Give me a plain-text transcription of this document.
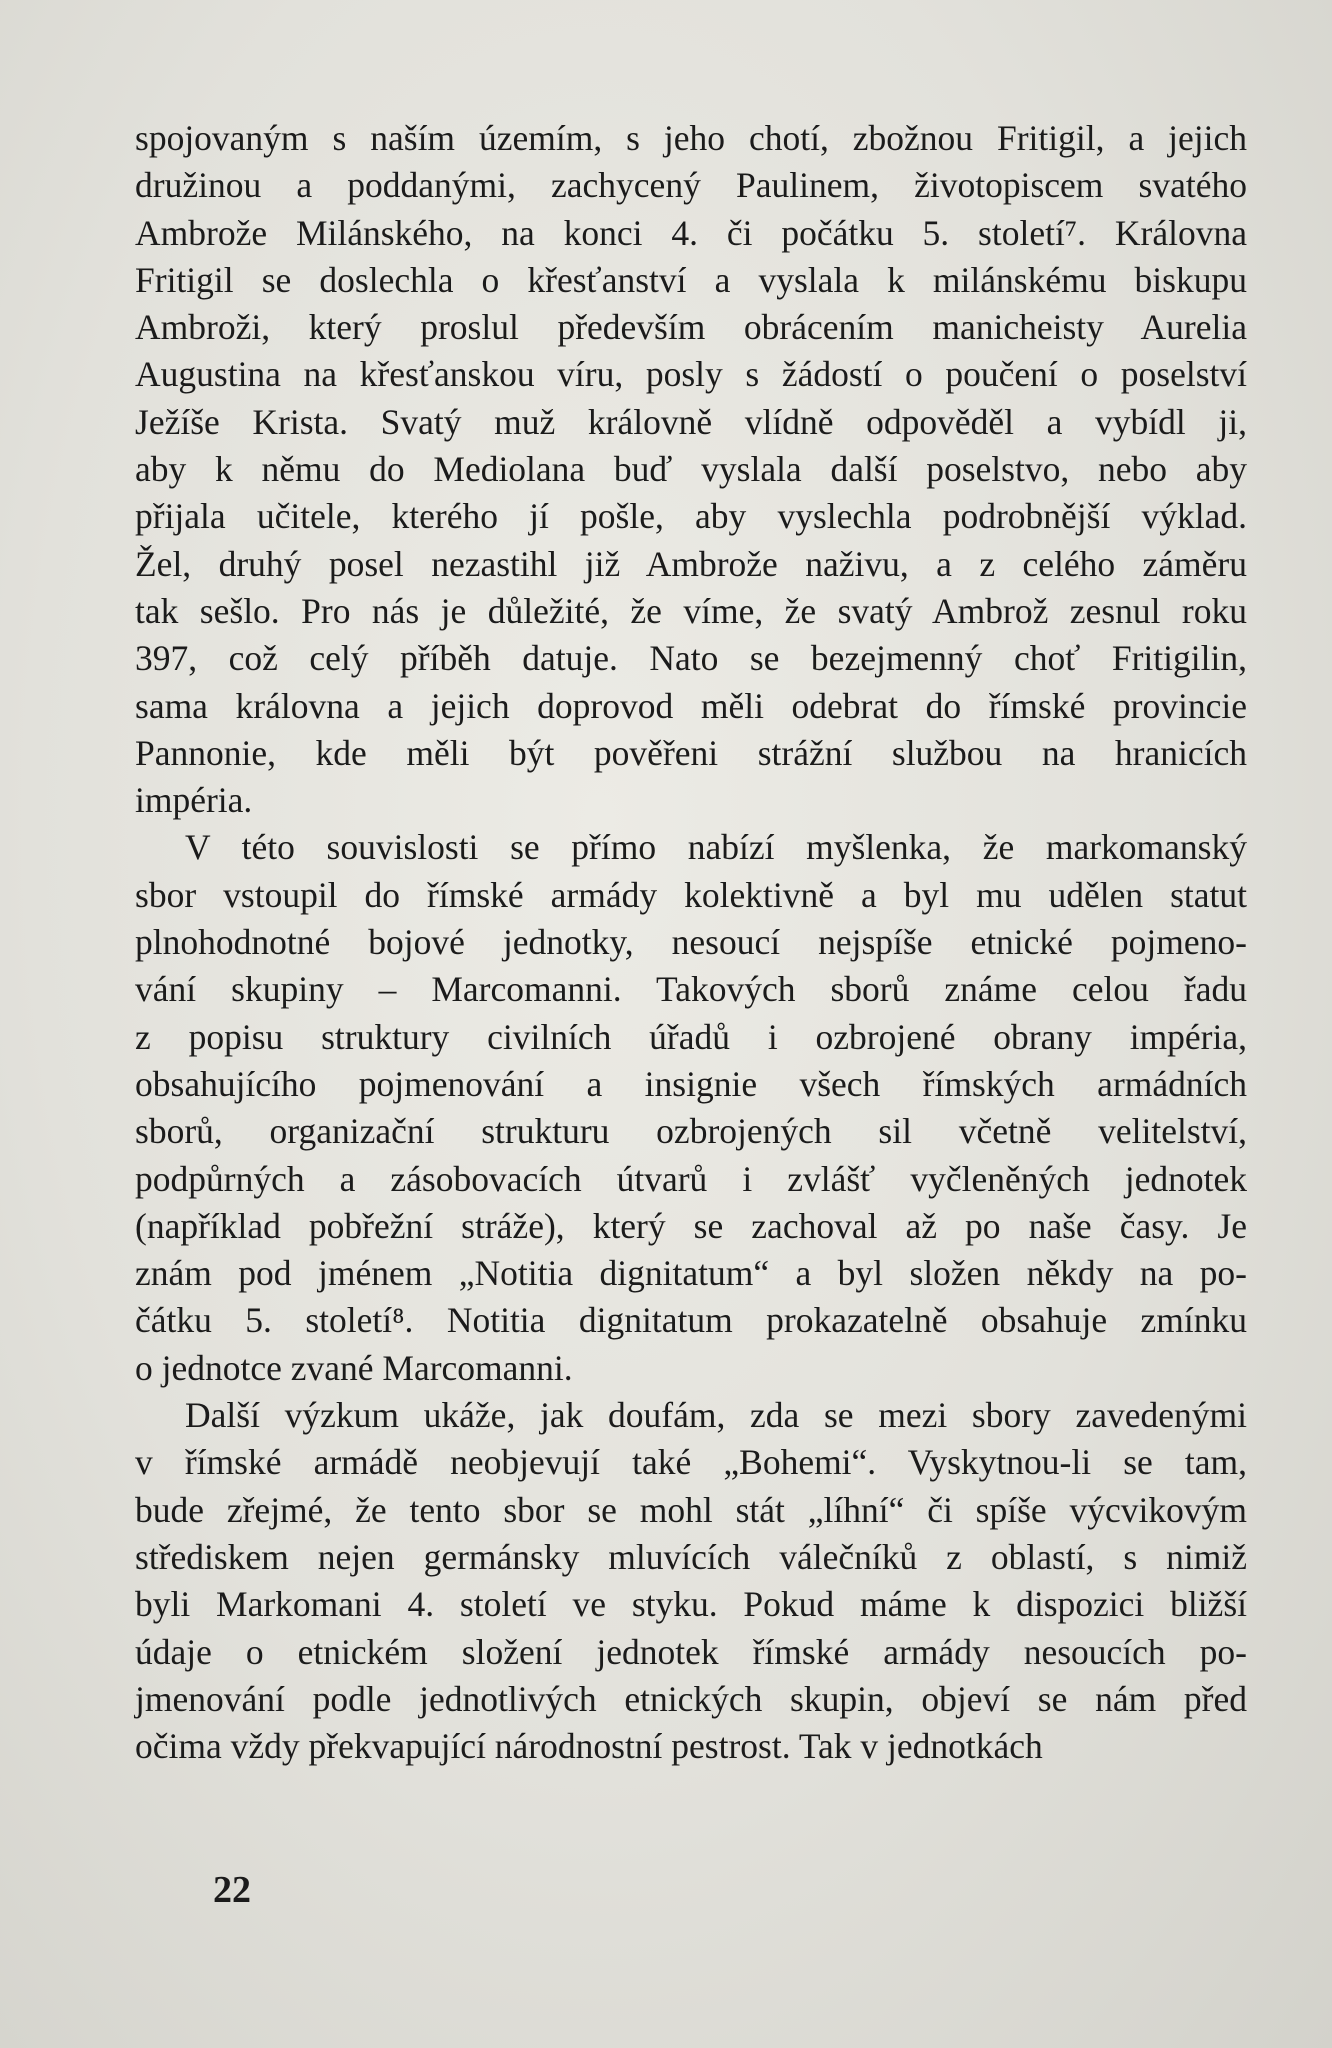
spojovaným s naším územím, s jeho chotí, zbožnou Fritigil, a jejich
družinou a poddanými, zachycený Paulinem, životopiscem svatého
Ambrože Milánského, na konci 4. či počátku 5. století⁷. Královna
Fritigil se doslechla o křesťanství a vyslala k milánskému biskupu
Ambroži, který proslul především obrácením manicheisty Aurelia
Augustina na křesťanskou víru, posly s žádostí o poučení o poselství
Ježíše Krista. Svatý muž královně vlídně odpověděl a vybídl ji,
aby k němu do Mediolana buď vyslala další poselstvo, nebo aby
přijala učitele, kterého jí pošle, aby vyslechla podrobnější výklad.
Žel, druhý posel nezastihl již Ambrože naživu, a z celého záměru
tak sešlo. Pro nás je důležité, že víme, že svatý Ambrož zesnul roku
397, což celý příběh datuje. Nato se bezejmenný choť Fritigilin,
sama královna a jejich doprovod měli odebrat do římské provincie
Pannonie, kde měli být pověřeni strážní službou na hranicích
impéria.

V této souvislosti se přímo nabízí myšlenka, že markomanský
sbor vstoupil do římské armády kolektivně a byl mu udělen statut
plnohodnotné bojové jednotky, nesoucí nejspíše etnické pojmeno-
vání skupiny – Marcomanni. Takových sborů známe celou řadu
z popisu struktury civilních úřadů i ozbrojené obrany impéria,
obsahujícího pojmenování a insignie všech římských armádních
sborů, organizační strukturu ozbrojených sil včetně velitelství,
podpůrných a zásobovacích útvarů i zvlášť vyčleněných jednotek
(například pobřežní stráže), který se zachoval až po naše časy. Je
znám pod jménem „Notitia dignitatum“ a byl složen někdy na po-
čátku 5. století⁸. Notitia dignitatum prokazatelně obsahuje zmínku
o jednotce zvané Marcomanni.

Další výzkum ukáže, jak doufám, zda se mezi sbory zavedenými
v římské armádě neobjevují také „Bohemi“. Vyskytnou-li se tam,
bude zřejmé, že tento sbor se mohl stát „líhní“ či spíše výcvikovým
střediskem nejen germánsky mluvících válečníků z oblastí, s nimiž
byli Markomani 4. století ve styku. Pokud máme k dispozici bližší
údaje o etnickém složení jednotek římské armády nesoucích po-
jmenování podle jednotlivých etnických skupin, objeví se nám před
očima vždy překvapující národnostní pestrost. Tak v jednotkách

22
